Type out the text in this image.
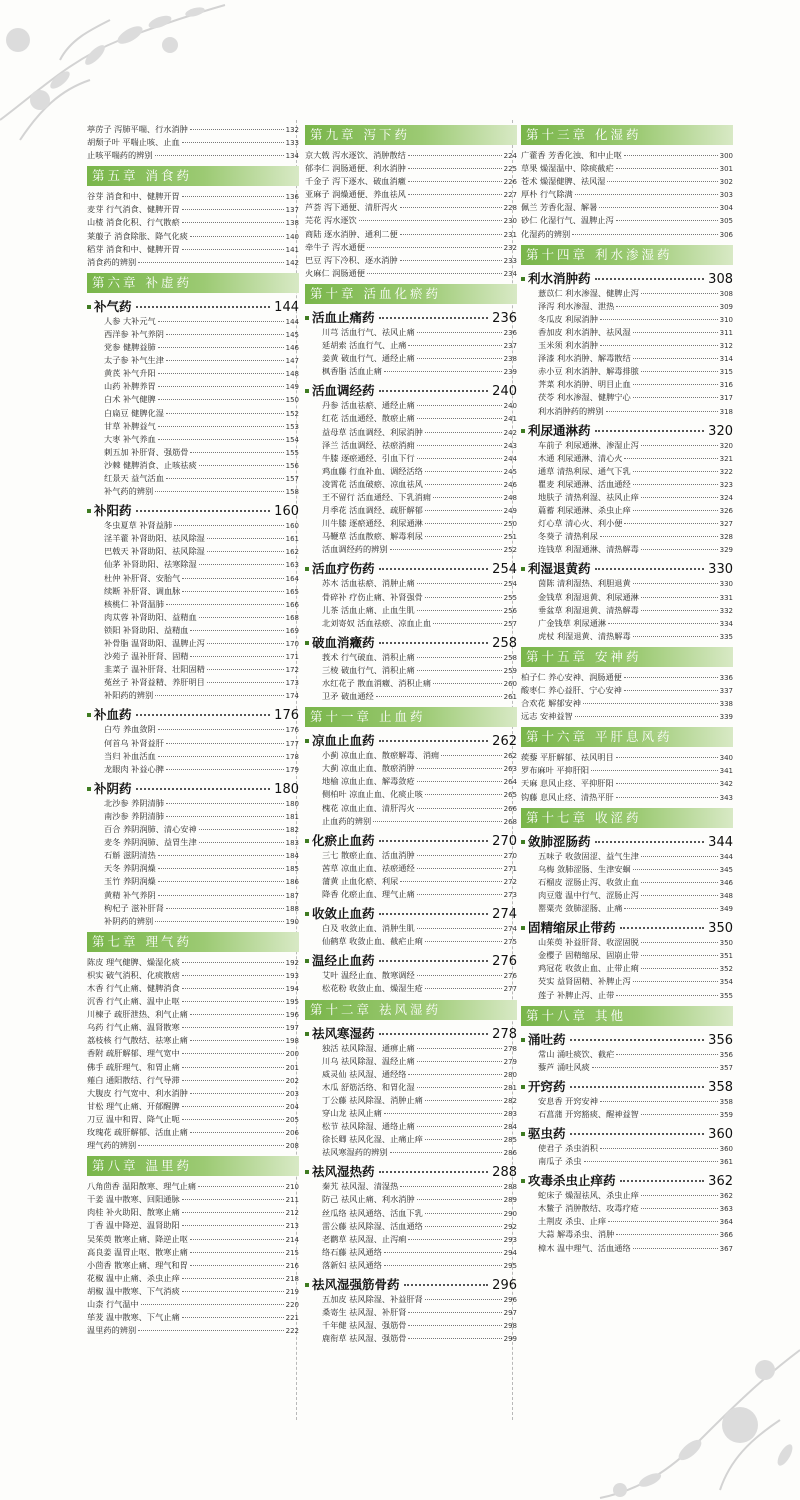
葶苈子 泻肺平喘、行水消肿	132
胡颓子叶 平喘止咳、止血	133
止咳平喘药的辨别	134
第五章 消食药
谷芽 消食和中、健脾开胃	136
麦芽 行气消食、健脾开胃	137
山楂 消食化积、行气散瘀	138
莱菔子 消食除胀、降气化痰	140
稻芽 消食和中、健脾开胃	141
消食药的辨别	142
第六章 补虚药
补气药	144
人参 大补元气	144
西洋参 补气养阴	145
党参 健脾益肺	146
太子参 补气生津	147
黄芪 补气升阳	148
山药 补脾养胃	149
白术 补气健脾	150
白扁豆 健脾化湿	152
甘草 补脾益气	153
大枣 补气养血	154
刺五加 补肝肾、强筋骨	155
沙棘 健脾消食、止咳祛痰	156
红景天 益气活血	157
补气药的辨别	158
补阳药	160
冬虫夏草 补肾益肺	160
淫羊藿 补肾助阳、祛风除湿	161
巴戟天 补肾助阳、祛风除湿	162
仙茅 补肾助阳、祛寒除湿	163
杜仲 补肝肾、安胎气	164
续断 补肝肾、调血脉	165
核桃仁 补肾温肺	166
肉苁蓉 补肾助阳、益精血	168
锁阳 补肾助阳、益精血	169
补骨脂 温肾助阳、温脾止泻	170
沙苑子 温补肝肾、固精	171
韭菜子 温补肝肾、壮阳固精	172
菟丝子 补肾益精、养肝明目	173
补阳药的辨别	174
补血药	176
白芍 养血敛阴	176
何首乌 补肾益肝	177
当归 补血活血	178
龙眼肉 补益心脾	179
补阴药	180
北沙参 养阴清肺	180
南沙参 养阴清肺	181
百合 养阴润肺、清心安神	182
麦冬 养阴润肺、益胃生津	183
石斛 滋阴清热	184
天冬 养阴润燥	185
玉竹 养阴润燥	186
黄精 补气养阴	187
枸杞子 滋补肝肾	188
补阴药的辨别	190
第七章 理气药
陈皮 理气健脾、燥湿化痰	192
枳实 破气消积、化痰散痞	193
木香 行气止痛、健脾消食	194
沉香 行气止痛、温中止呕	195
川楝子 疏肝泄热、利气止痛	196
乌药 行气止痛、温肾散寒	197
荔枝核 行气散结、祛寒止痛	198
香附 疏肝解郁、理气宽中	200
佛手 疏肝理气、和胃止痛	201
薤白 通阳散结、行气导滞	202
大腹皮 行气宽中、利水消肿	203
甘松 理气止痛、开郁醒脾	204
刀豆 温中和胃、降气止呃	205
玫瑰花 疏肝解郁、活血止痛	206
理气药的辨别	208
第八章 温里药
八角茴香 温阳散寒、理气止痛	210
干姜 温中散寒、回阳通脉	211
肉桂 补火助阳、散寒止痛	212
丁香 温中降逆、温肾助阳	213
吴茱萸 散寒止痛、降逆止呕	214
高良姜 温胃止呕、散寒止痛	215
小茴香 散寒止痛、理气和胃	216
花椒 温中止痛、杀虫止痒	218
胡椒 温中散寒、下气消痰	219
山柰 行气温中	220
荜茇 温中散寒、下气止痛	221
温里药的辨别	222
第九章 泻下药
京大戟 泻水逐饮、消肿散结	224
郁李仁 润肠通便、利水消肿	225
千金子 泻下逐水、破血消癥	226
亚麻子 润燥通便、养血祛风	227
芦荟 泻下通便、清肝泻火	228
芫花 泻水逐饮	230
商陆 逐水消肿、通利二便	231
牵牛子 泻水通便	232
巴豆 泻下冷积、逐水消肿	233
火麻仁 润肠通便	234
第十章 活血化瘀药
活血止痛药	236
川芎 活血行气、祛风止痛	236
延胡索 活血行气、止痛	237
姜黄 破血行气、通经止痛	238
枫香脂 活血止痛	239
活血调经药	240
丹参 活血祛瘀、通经止痛	240
红花 活血通经、散瘀止痛	241
益母草 活血调经、利尿消肿	242
泽兰 活血调经、祛瘀消痈	243
牛膝 逐瘀通经、引血下行	244
鸡血藤 行血补血、调经活络	245
凌霄花 活血破瘀、凉血祛风	246
王不留行 活血通经、下乳消痈	248
月季花 活血调经、疏肝解郁	249
川牛膝 逐瘀通经、利尿通淋	250
马鞭草 活血散瘀、解毒利尿	251
活血调经药的辨别	252
活血疗伤药	254
苏木 活血祛瘀、消肿止痛	254
骨碎补 疗伤止痛、补肾强骨	255
儿茶 活血止痛、止血生肌	256
北刘寄奴 活血祛瘀、凉血止血	257
破血消癥药	258
莪术 行气破血、消积止痛	258
三棱 破血行气、消积止痛	259
水红花子 散血消癥、消积止痛	260
卫矛 破血通经	261
第十一章 止血药
凉血止血药	262
小蓟 凉血止血、散瘀解毒、消痈	262
大蓟 凉血止血、散瘀消肿	263
地榆 凉血止血、解毒敛疮	264
侧柏叶 凉血止血、化痰止咳	265
槐花 凉血止血、清肝泻火	266
止血药的辨别	268
化瘀止血药	270
三七 散瘀止血、活血消肿	270
茜草 凉血止血、祛瘀通经	271
蒲黄 止血化瘀、利尿	272
降香 化瘀止血、理气止痛	273
收敛止血药	274
白及 收敛止血、消肿生肌	274
仙鹤草 收敛止血、截疟止痢	275
温经止血药	276
艾叶 温经止血、散寒调经	276
松花粉 收敛止血、燥湿生疮	277
第十二章 祛风湿药
祛风寒湿药	278
独活 祛风除湿、通痹止痛	278
川乌 祛风除湿、温经止痛	279
威灵仙 祛风湿、通经络	280
木瓜 舒筋活络、和胃化湿	281
丁公藤 祛风除湿、消肿止痛	282
穿山龙 祛风止痛	283
松节 祛风除湿、通络止痛	284
徐长卿 祛风化湿、止痛止痒	285
祛风寒湿药的辨别	286
祛风湿热药	288
秦艽 祛风湿、清湿热	288
防己 祛风止痛、利水消肿	289
丝瓜络 祛风通络、活血下乳	290
雷公藤 祛风除湿、活血通络	292
老鹳草 祛风湿、止泻痢	293
络石藤 祛风通络	294
落新妇 祛风通络	295
祛风湿强筋骨药	296
五加皮 祛风除湿、补益肝肾	296
桑寄生 祛风湿、补肝肾	297
千年健 祛风湿、强筋骨	298
鹿衔草 祛风湿、强筋骨	299
第十三章 化湿药
广藿香 芳香化浊、和中止呕	300
草果 燥湿温中、除痰截疟	301
苍术 燥湿健脾、祛风湿	302
厚朴 行气除满	303
佩兰 芳香化湿、解暑	304
砂仁 化湿行气、温脾止泻	305
化湿药的辨别	306
第十四章 利水渗湿药
利水消肿药	308
薏苡仁 利水渗湿、健脾止泻	308
泽泻 利水渗湿、泄热	309
冬瓜皮 利尿消肿	310
香加皮 利水消肿、祛风湿	311
玉米须 利水消肿	312
泽漆 利水消肿、解毒散结	314
赤小豆 利水消肿、解毒排脓	315
荠菜 利水消肿、明目止血	316
茯苓 利水渗湿、健脾宁心	317
利水消肿药的辨别	318
利尿通淋药	320
车前子 利尿通淋、渗湿止泻	320
木通 利尿通淋、清心火	321
通草 清热利尿、通气下乳	322
瞿麦 利尿通淋、活血通经	323
地肤子 清热利湿、祛风止痒	324
萹蓄 利尿通淋、杀虫止痒	326
灯心草 清心火、利小便	327
冬葵子 清热利尿	328
连钱草 利湿通淋、清热解毒	329
利湿退黄药	330
茵陈 清利湿热、利胆退黄	330
金钱草 利湿退黄、利尿通淋	331
垂盆草 利湿退黄、清热解毒	332
广金钱草 利尿通淋	334
虎杖 利湿退黄、清热解毒	335
第十五章 安神药
柏子仁 养心安神、润肠通便	336
酸枣仁 养心益肝、宁心安神	337
合欢花 解郁安神	338
远志 安神益智	339
第十六章 平肝息风药
蒺藜 平肝解郁、祛风明目	340
罗布麻叶 平抑肝阳	341
天麻 息风止痉、平抑肝阳	342
钩藤 息风止痉、清热平肝	343
第十七章 收涩药
敛肺涩肠药	344
五味子 收敛固涩、益气生津	344
乌梅 敛肺涩肠、生津安蛔	345
石榴皮 涩肠止泻、收敛止血	346
肉豆蔻 温中行气、涩肠止泻	348
罂粟壳 敛肺涩肠、止痛	349
固精缩尿止带药	350
山茱萸 补益肝肾、收涩固脱	350
金樱子 固精缩尿、固崩止带	351
鸡冠花 收敛止血、止带止痢	352
芡实 益肾固精、补脾止泻	354
莲子 补脾止泻、止带	355
第十八章 其他
涌吐药	356
常山 涌吐痰饮、截疟	356
藜芦 涌吐风痰	357
开窍药	358
安息香 开窍安神	358
石菖蒲 开窍豁痰、醒神益智	359
驱虫药	360
使君子 杀虫消积	360
南瓜子 杀虫	361
攻毒杀虫止痒药	362
蛇床子 燥湿祛风、杀虫止痒	362
木鳖子 消肿散结、攻毒疗疮	363
土荆皮 杀虫、止痒	364
大蒜 解毒杀虫、消肿	366
樟木 温中理气、活血通络	367
